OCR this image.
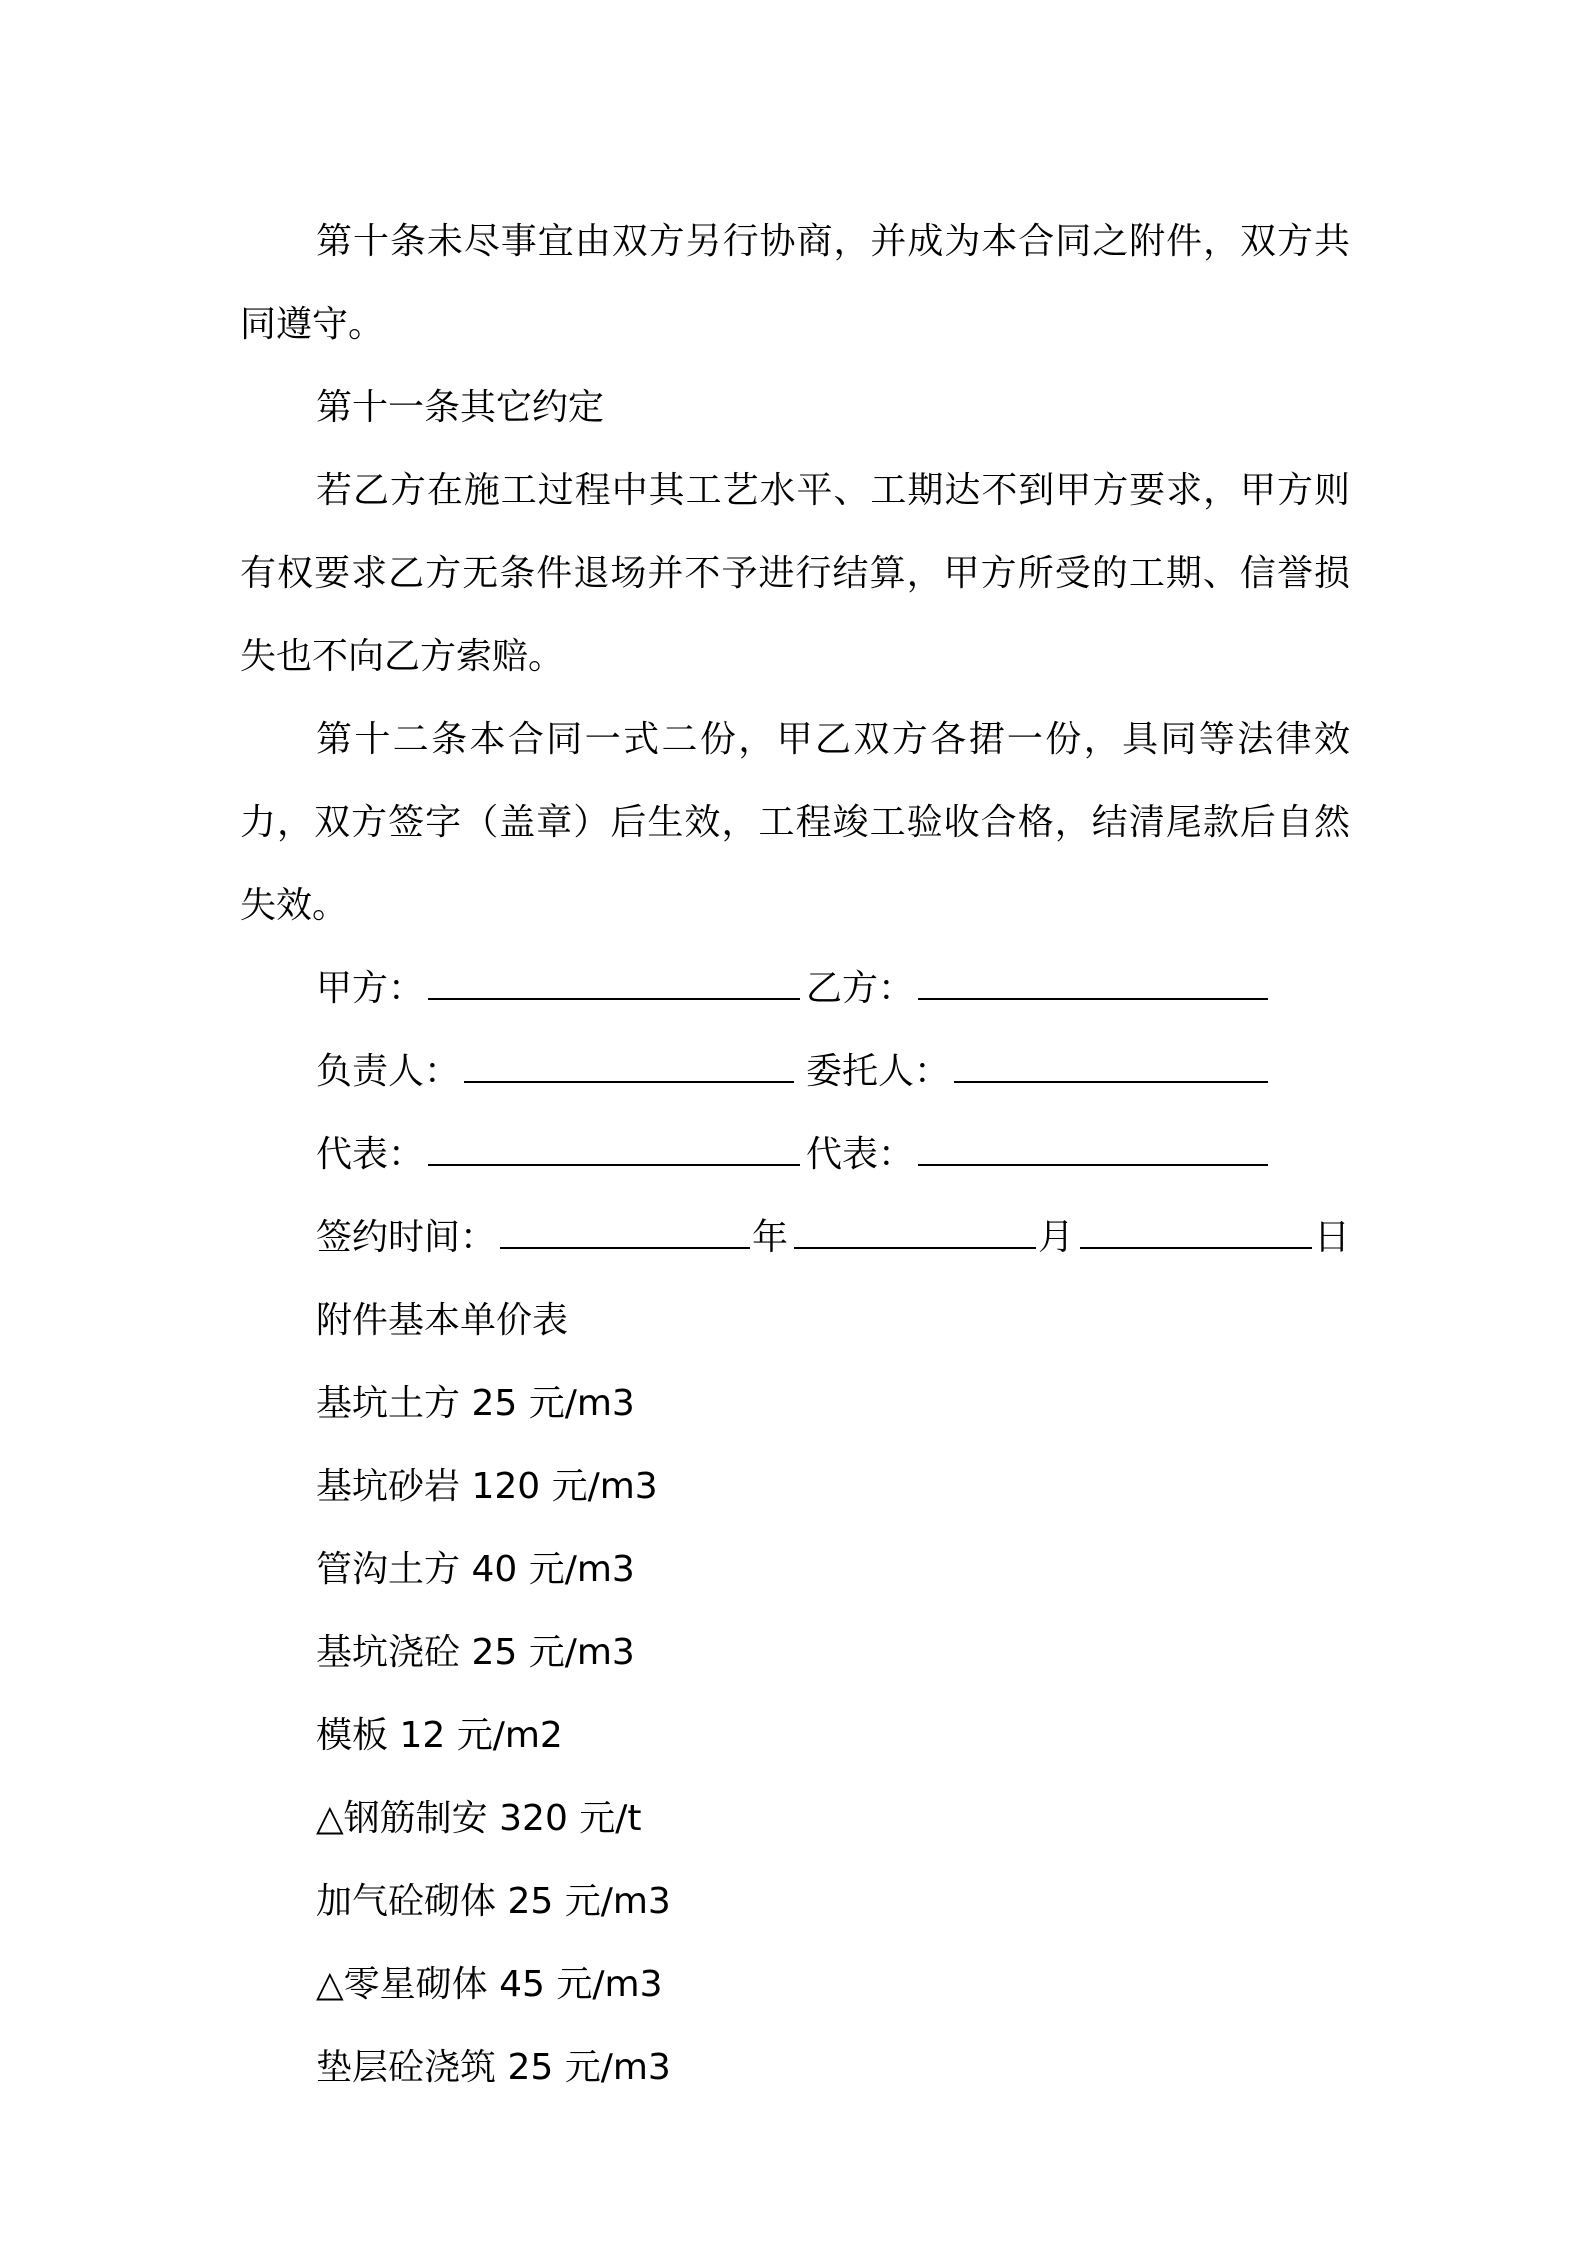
第十条未尽事宜由双方另行协商，并成为本合同之附件，双方共同遵守。

第十一条其它约定

若乙方在施工过程中其工艺水平、工期达不到甲方要求，甲方则有权要求乙方无条件退场并不予进行结算，甲方所受的工期、信誉损失也不向乙方索赔。

第十二条本合同一式二份，甲乙双方各捃一份，具同等法律效力，双方签字（盖章）后生效，工程竣工验收合格，结清尾款后自然失效。

甲方：	乙方：
负责人：	委托人：
代表：	代表：

签约时间：	年	月	日

附件基本单价表

基坑土方 25 元/m3

基坑砂岩 120 元/m3

管沟土方 40 元/m3

基坑浇砼 25 元/m3

模板 12 元/m2

△钢筋制安 320 元/t

加气砼砌体 25 元/m3

△零星砌体 45 元/m3

垫层砼浇筑 25 元/m3
